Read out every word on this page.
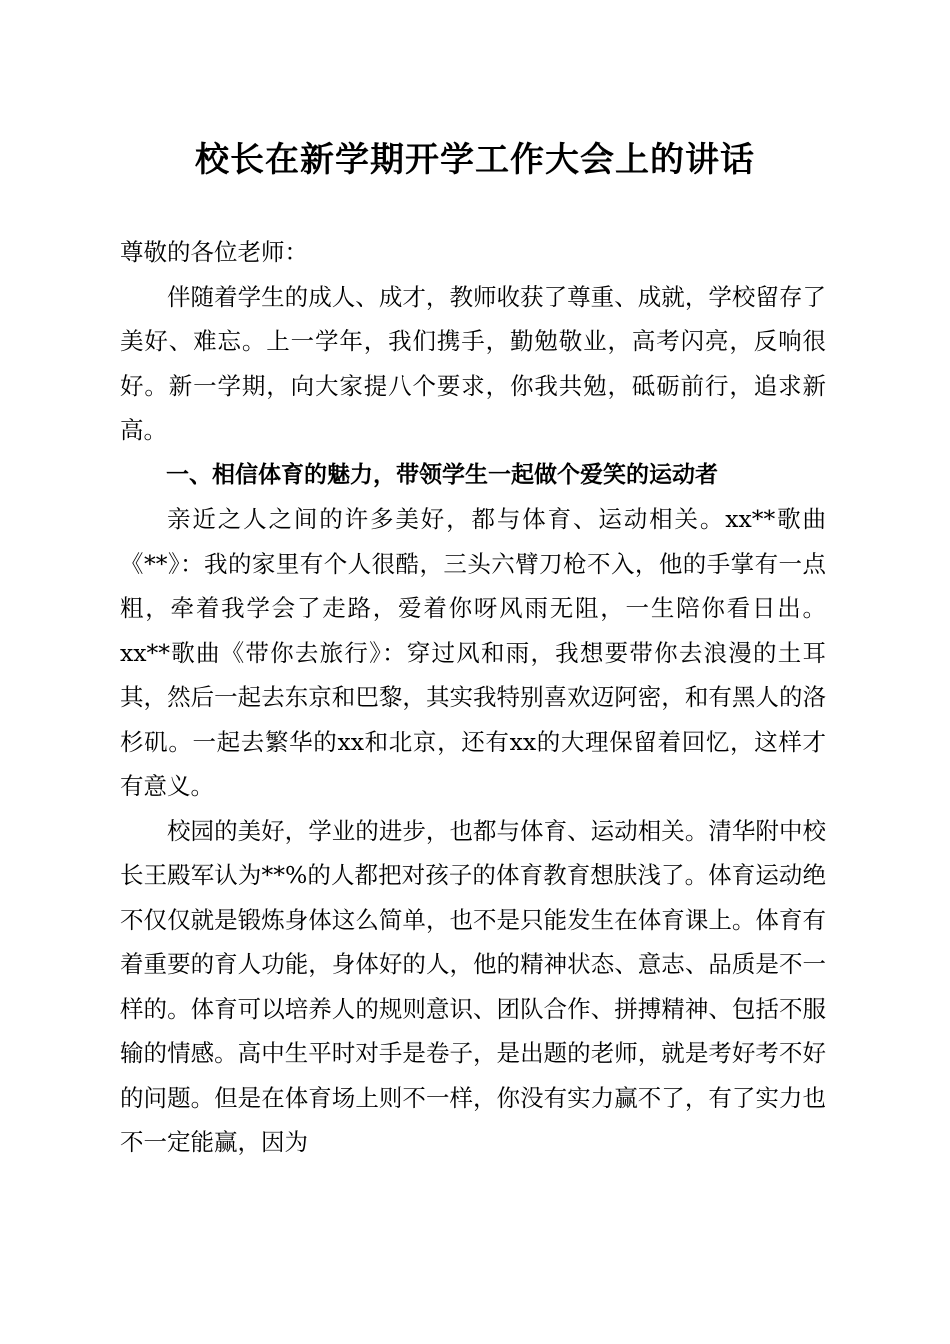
校长在新学期开学工作大会上的讲话

尊敬的各位老师：

伴随着学生的成人、成才，教师收获了尊重、成就，学校留存了美好、难忘。上一学年，我们携手，勤勉敬业，高考闪亮，反响很好。新一学期，向大家提八个要求，你我共勉，砥砺前行，追求新高。

一、相信体育的魅力，带领学生一起做个爱笑的运动者

亲近之人之间的许多美好，都与体育、运动相关。xx**歌曲《**》：我的家里有个人很酷，三头六臂刀枪不入，他的手掌有一点粗，牵着我学会了走路，爱着你呀风雨无阻，一生陪你看日出。xx**歌曲《带你去旅行》：穿过风和雨，我想要带你去浪漫的土耳其，然后一起去东京和巴黎，其实我特别喜欢迈阿密，和有黑人的洛杉矶。一起去繁华的xx和北京，还有xx的大理保留着回忆，这样才有意义。

校园的美好，学业的进步，也都与体育、运动相关。清华附中校长王殿军认为**%的人都把对孩子的体育教育想肤浅了。体育运动绝不仅仅就是锻炼身体这么简单，也不是只能发生在体育课上。体育有着重要的育人功能，身体好的人，他的精神状态、意志、品质是不一样的。体育可以培养人的规则意识、团队合作、拼搏精神、包括不服输的情感。高中生平时对手是卷子，是出题的老师，就是考好考不好的问题。但是在体育场上则不一样，你没有实力赢不了，有了实力也不一定能赢，因为
